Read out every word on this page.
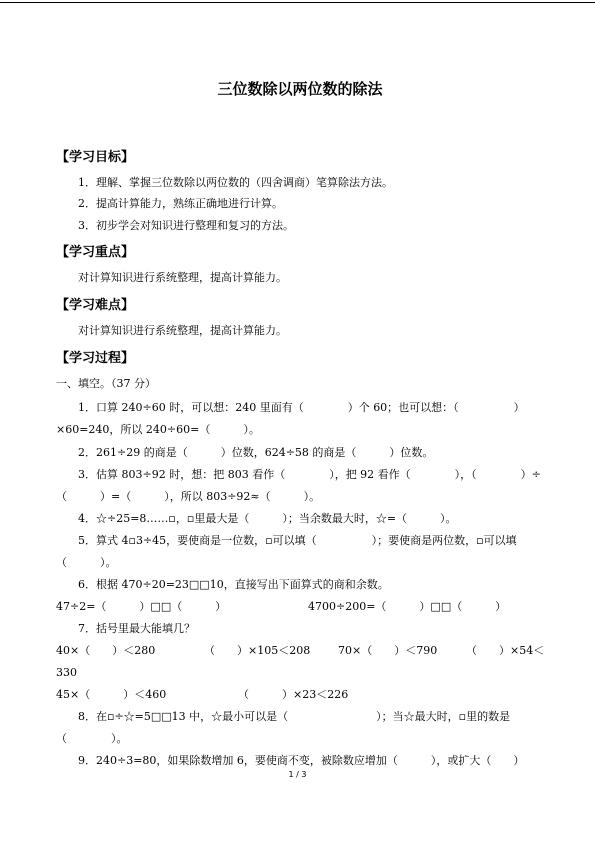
三位数除以两位数的除法
【学习目标】
1．理解、掌握三位数除以两位数的（四舍调商）笔算除法方法。
2．提高计算能力，熟练正确地进行计算。
3．初步学会对知识进行整理和复习的方法。
【学习重点】
对计算知识进行系统整理，提高计算能力。
【学习难点】
对计算知识进行系统整理，提高计算能力。
【学习过程】
一、填空。（37 分）
1．口算 240÷60 时，可以想：240 里面有（　　　　）个 60；也可以想：（　　　　　）
×60=240，所以 240÷60=（　　　）。
2．261÷29 的商是（　　　）位数，624÷58 的商是（　　　）位数。
3．估算 803÷92 时，想：把 803 看作（　　　　），把 92 看作（　　　　），（　　　　）÷
（　　　）=（　　　），所以 803÷92≈（　　　）。
4．☆÷25=8……▫，▫里最大是（　　　）；当余数最大时，☆=（　　　）。
5．算式 4▫3÷45，要使商是一位数，▫可以填（　　　　　）；要使商是两位数，▫可以填
（　　　）。
6．根据 470÷20=23□□10，直接写出下面算式的商和余数。
47÷2=（　　　）□□（　　　）	4700÷200=（　　　）□□（　　　）
7．括号里最大能填几？
40×（　　）＜280	（　　）×105＜208	70×（　　）＜790	（　　）×54＜
330
45×（　　　）＜460	（　　　）×23＜226
8．在▫÷☆=5□□13 中，☆最小可以是（　　　　　　　　）；当☆最大时，▫里的数是
（　　　　）。
9．240÷3=80，如果除数增加 6，要使商不变，被除数应增加（　　　），或扩大（　　）
1 / 3
